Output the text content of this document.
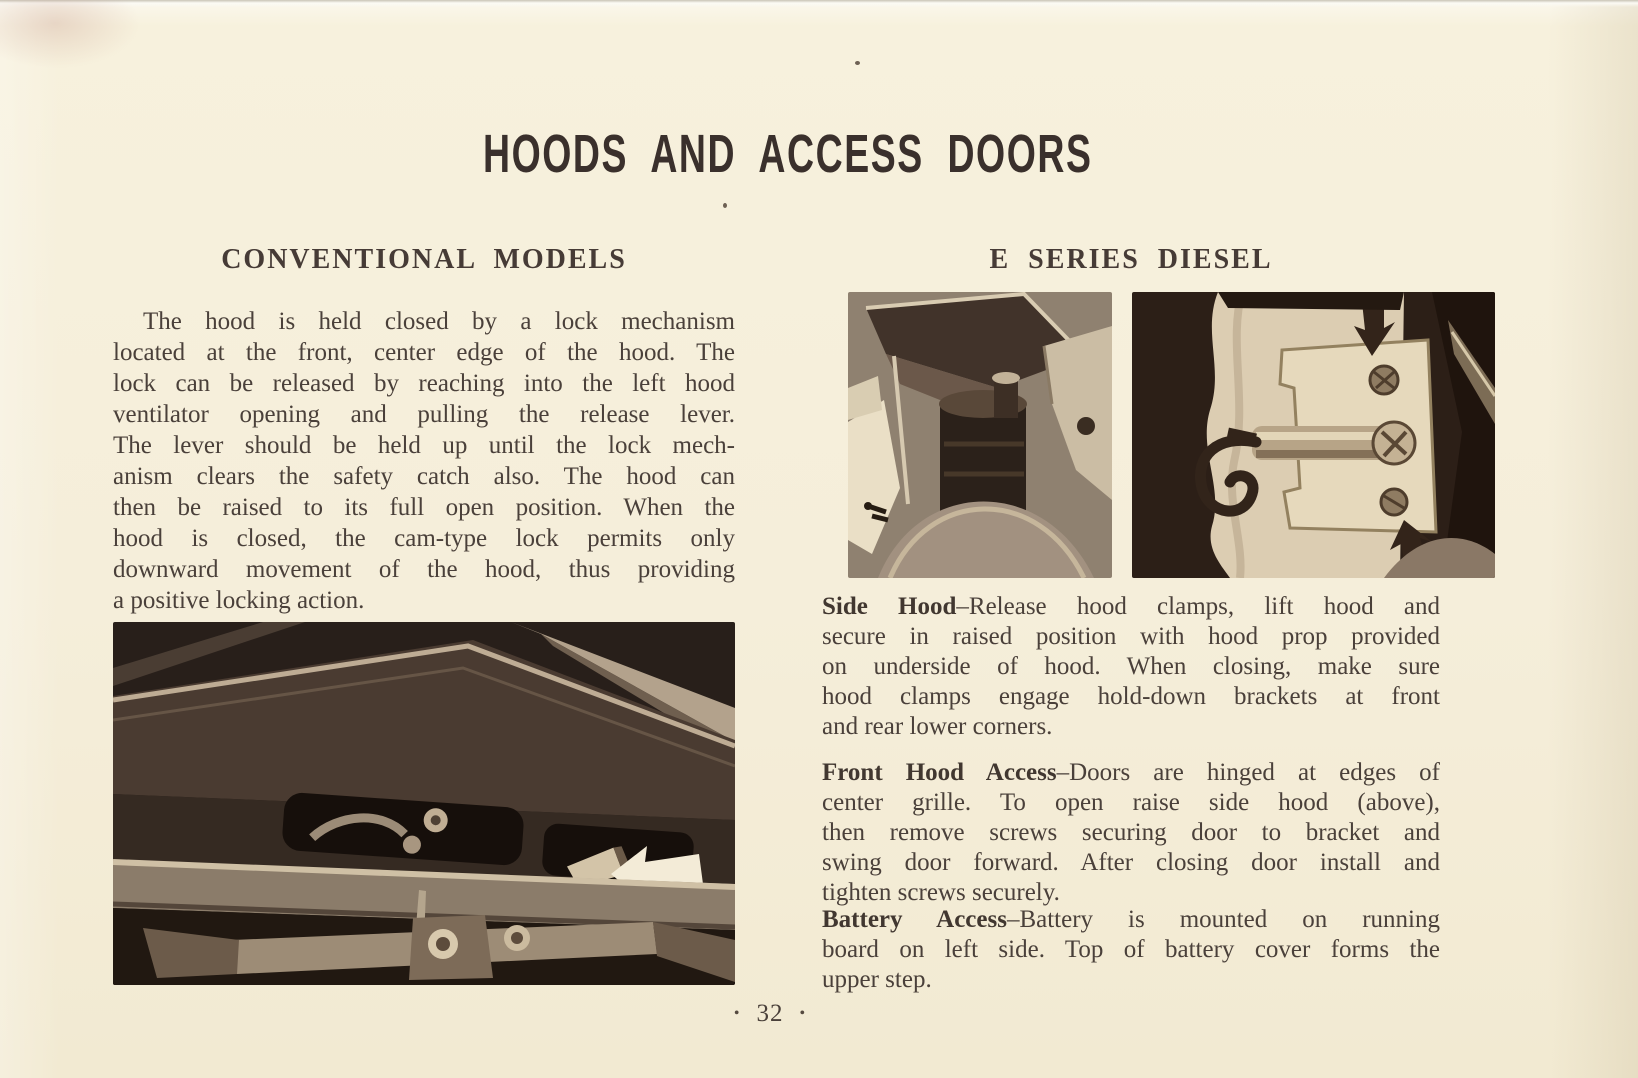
HOODS AND ACCESS DOORS
CONVENTIONAL MODELS
The hood is held closed by a lock mechanism
located at the front, center edge of the hood. The
lock can be released by reaching into the left hood
ventilator opening and pulling the release lever.
The lever should be held up until the lock mech-
anism clears the safety catch also. The hood can
then be raised to its full open position. When the
hood is closed, the cam-type lock permits only
downward movement of the hood, thus providing
a positive locking action.
E SERIES DIESEL
Side Hood–Release hood clamps, lift hood and
secure in raised position with hood prop provided
on underside of hood. When closing, make sure
hood clamps engage hold-down brackets at front
and rear lower corners.
Front Hood Access–Doors are hinged at edges of
center grille. To open raise side hood (above),
then remove screws securing door to bracket and
swing door forward. After closing door install and
tighten screws securely.
Battery Access–Battery is mounted on running
board on left side. Top of battery cover forms the
upper step.
• 32 •
